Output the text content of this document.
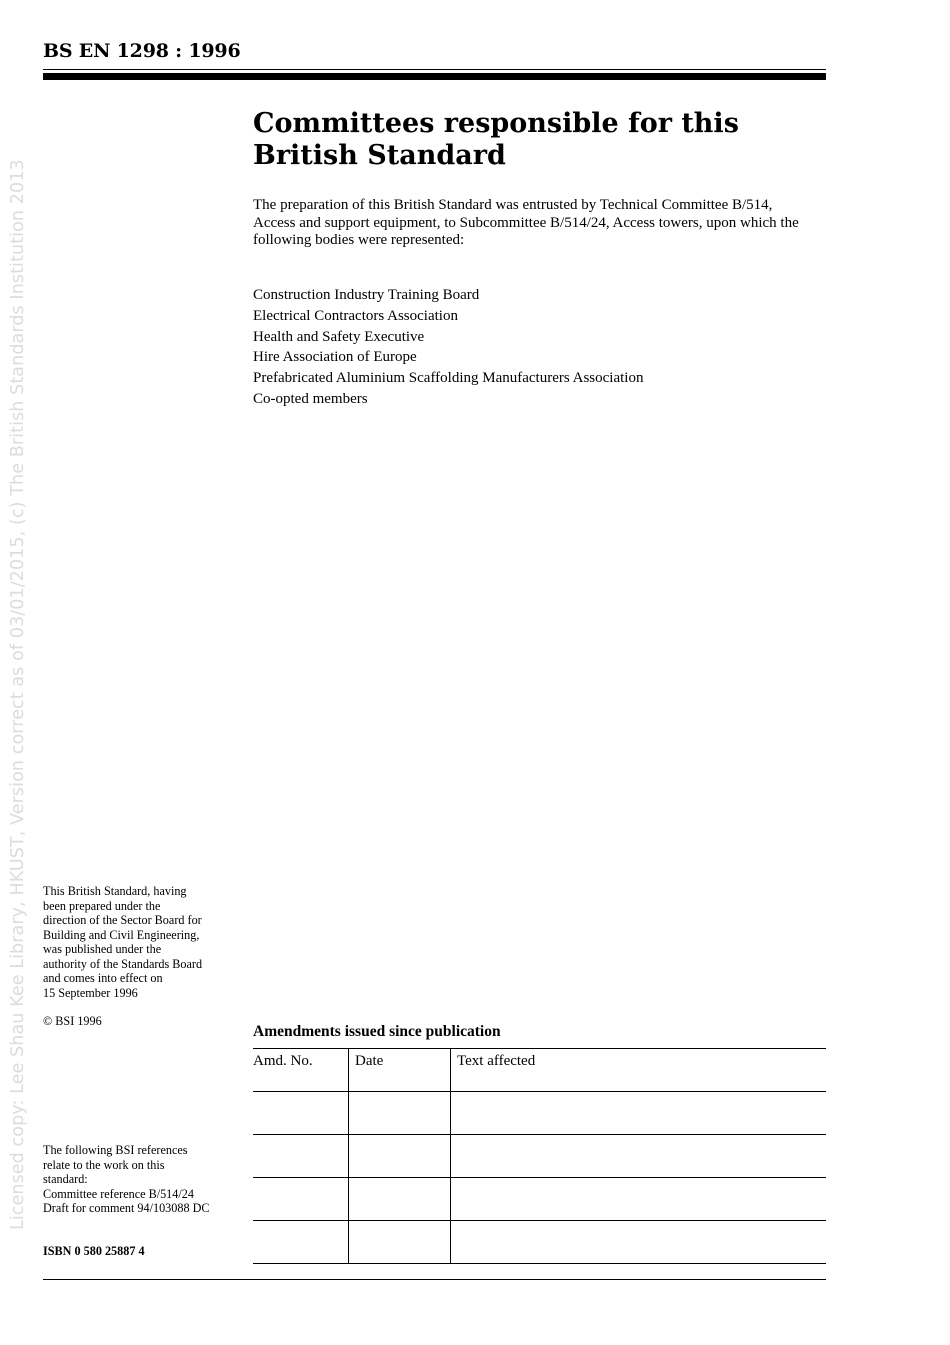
BS EN 1298 : 1996
Licensed copy: Lee Shau Kee Library, HKUST, Version correct as of 03/01/2015, (c) The British Standards Institution 2013
Committees responsible for this
British Standard

The preparation of this British Standard was entrusted by Technical Committee B/514, Access and support equipment, to Subcommittee B/514/24, Access towers, upon which the following bodies were represented:

Construction Industry Training Board
Electrical Contractors Association
Health and Safety Executive
Hire Association of Europe
Prefabricated Aluminium Scaffolding Manufacturers Association
Co-opted members

This British Standard, having
been prepared under the
direction of the Sector Board for
Building and Civil Engineering,
was published under the
authority of the Standards Board
and comes into effect on
15 September 1996

© BSI 1996

The following BSI references
relate to the work on this
standard:
Committee reference B/514/24
Draft for comment 94/103088 DC

ISBN 0 580 25887 4

Amendments issued since publication
Amd. No.	Date	Text affected
